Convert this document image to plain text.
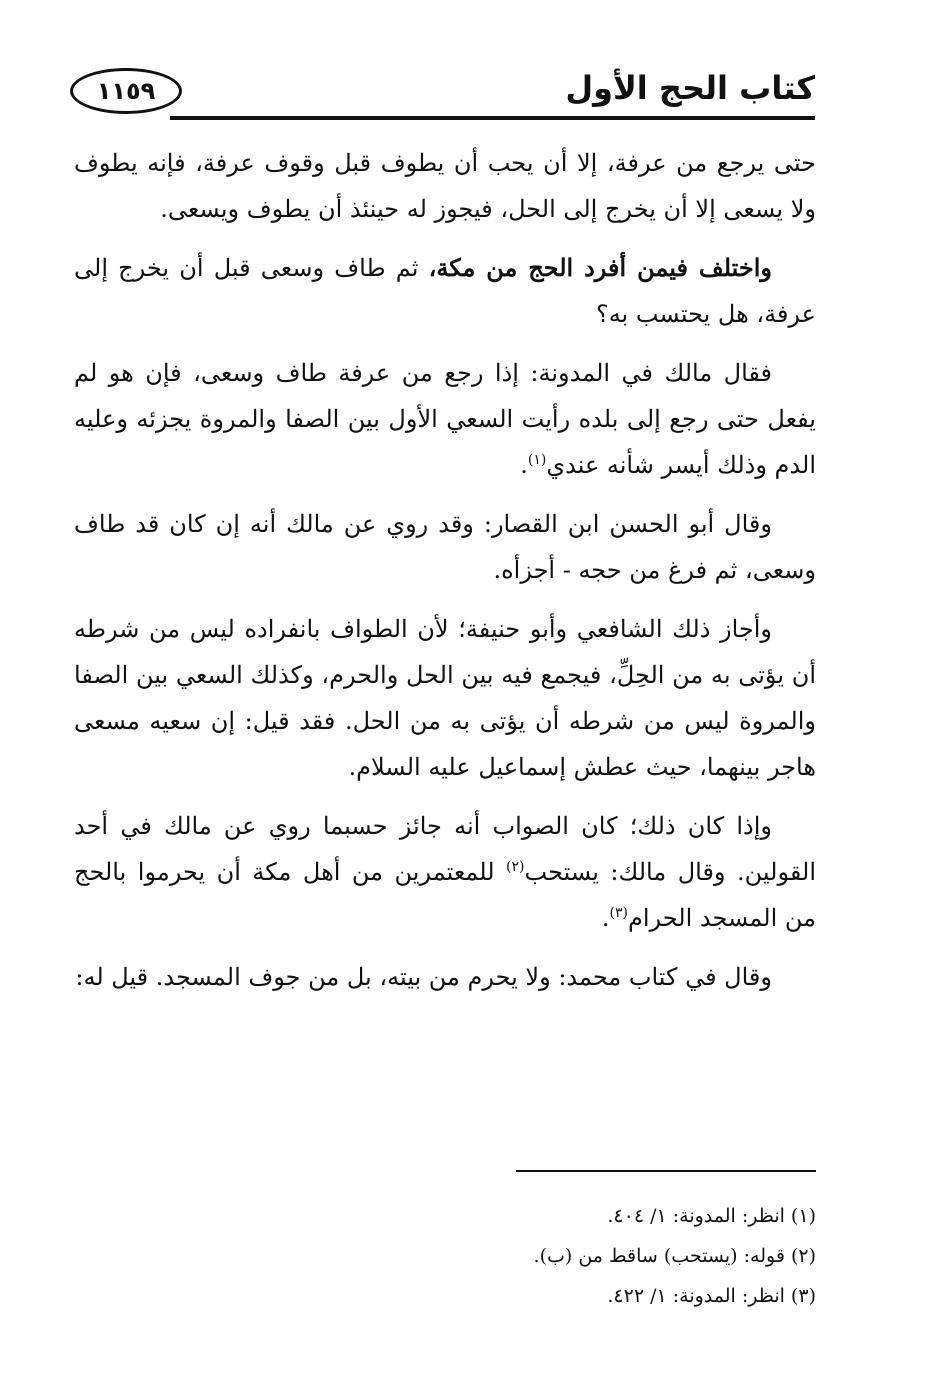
١١٥٩	كتاب الحج الأول

حتى يرجع من عرفة، إلا أن يحب أن يطوف قبل وقوف عرفة، فإنه يطوف ولا يسعى إلا أن يخرج إلى الحل، فيجوز له حينئذ أن يطوف ويسعى.

واختلف فيمن أفرد الحج من مكة، ثم طاف وسعى قبل أن يخرج إلى عرفة، هل يحتسب به؟

فقال مالك في المدونة: إذا رجع من عرفة طاف وسعى، فإن هو لم يفعل حتى رجع إلى بلده رأيت السعي الأول بين الصفا والمروة يجزئه وعليه الدم وذلك أيسر شأنه عندي$^{(١)}$.

وقال أبو الحسن ابن القصار: وقد روي عن مالك أنه إن كان قد طاف وسعى، ثم فرغ من حجه - أجزأه.

وأجاز ذلك الشافعي وأبو حنيفة؛ لأن الطواف بانفراده ليس من شرطه أن يؤتى به من الحِلِّ، فيجمع فيه بين الحل والحرم، وكذلك السعي بين الصفا والمروة ليس من شرطه أن يؤتى به من الحل. فقد قيل: إن سعيه مسعى هاجر بينهما، حيث عطش إسماعيل عليه السلام.

وإذا كان ذلك؛ كان الصواب أنه جائز حسبما روي عن مالك في أحد القولين. وقال مالك: يستحب$^{(٢)}$ للمعتمرين من أهل مكة أن يحرموا بالحج من المسجد الحرام$^{(٣)}$.

وقال في كتاب محمد: ولا يحرم من بيته، بل من جوف المسجد. قيل له:

(١) انظر: المدونة: ١/ ٤٠٤.

(٢) قوله: (يستحب) ساقط من (ب).

(٣) انظر: المدونة: ١/ ٤٢٢.
